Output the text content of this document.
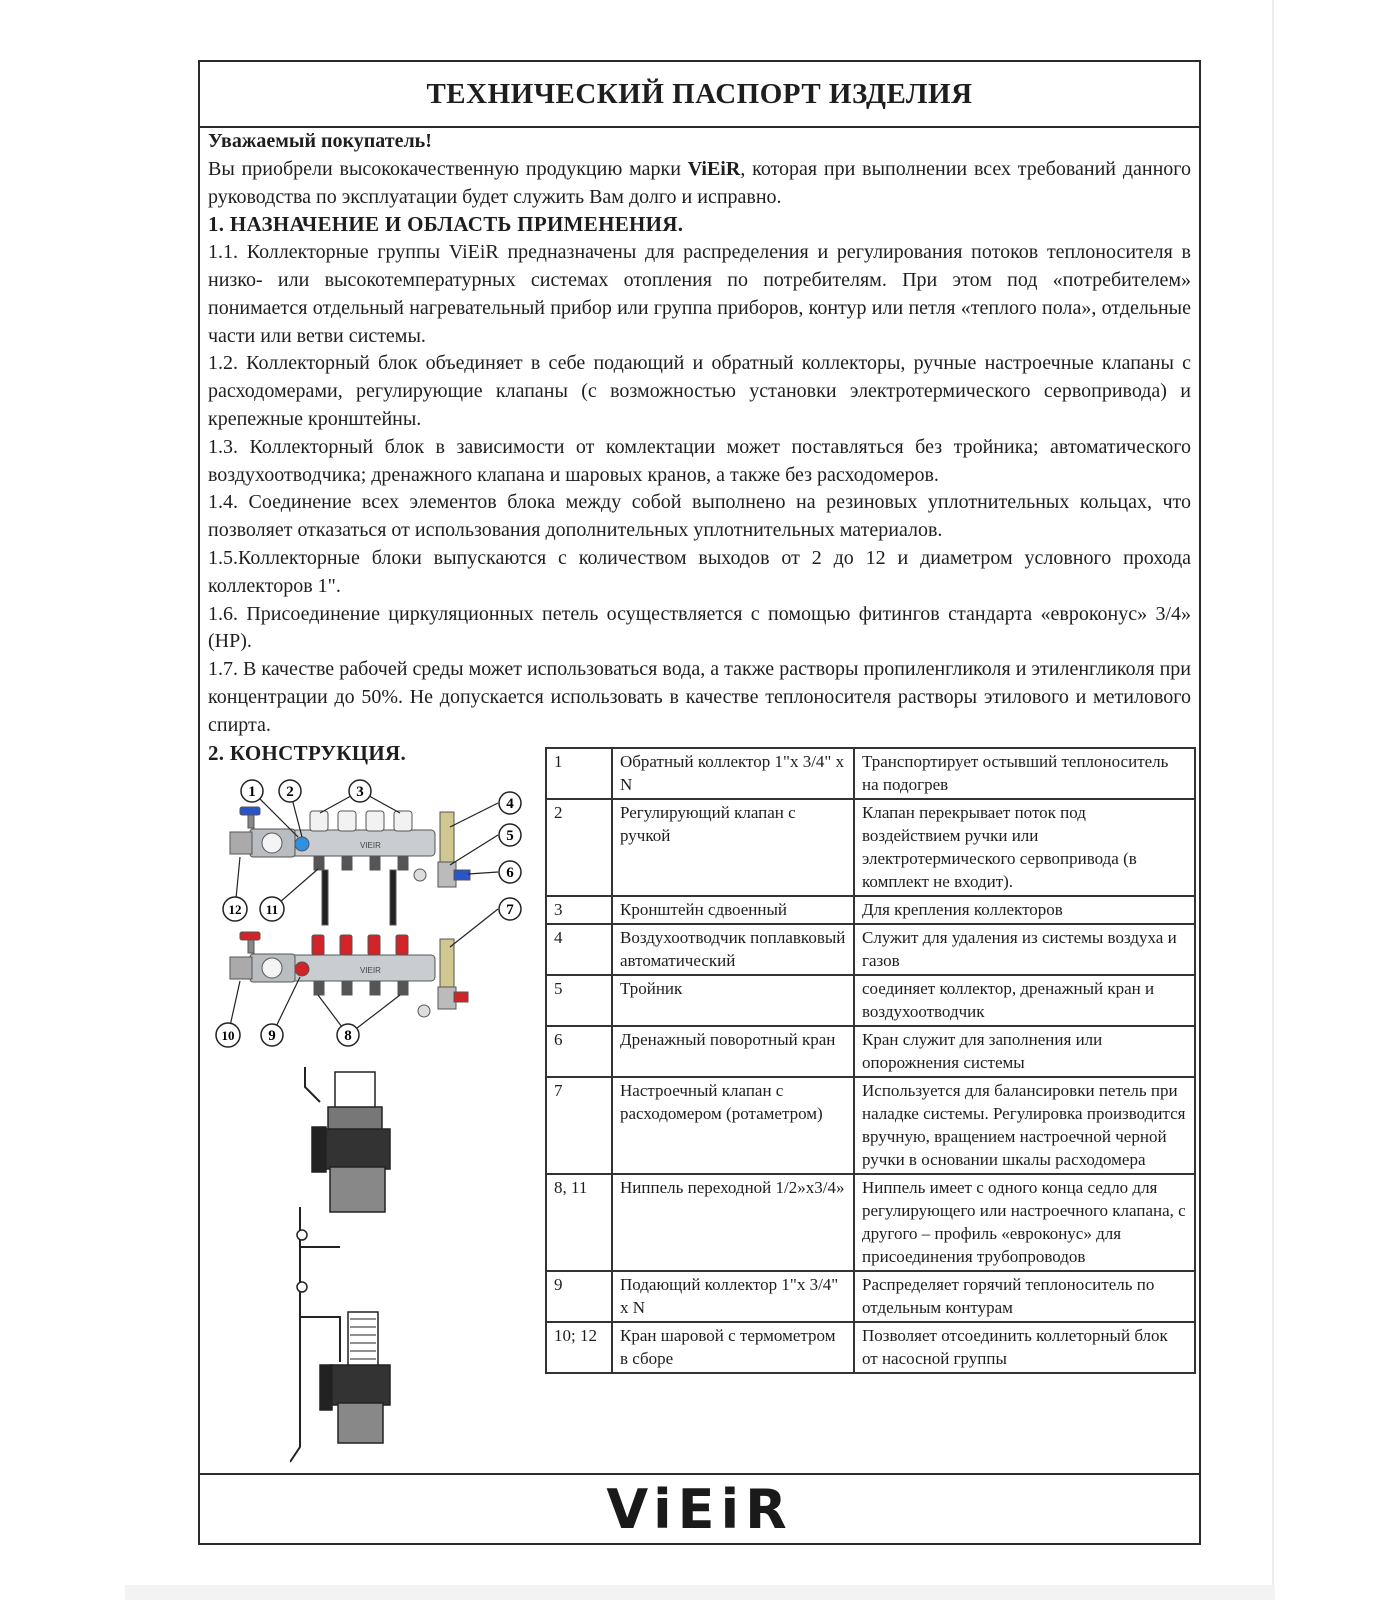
ТЕХНИЧЕСКИЙ ПАСПОРТ ИЗДЕЛИЯ

Уважаемый покупатель!

Вы приобрели высококачественную продукцию марки ViEiR, которая при выполнении всех требований данного руководства по эксплуатации будет служить Вам долго и исправно.

1. НАЗНАЧЕНИЕ И ОБЛАСТЬ ПРИМЕНЕНИЯ.

1.1. Коллекторные группы ViEiR предназначены для распределения и регулирования потоков теплоносителя в низко- или высокотемпературных системах отопления по потребителям. При этом под «потребителем» понимается отдельный нагревательный прибор или группа приборов, контур или петля «теплого пола», отдельные части или ветви системы.

1.2. Коллекторный блок объединяет в себе подающий и обратный коллекторы, ручные настроечные клапаны с расходомерами, регулирующие клапаны (с возможностью установки электротермического сервопривода) и крепежные кронштейны.

1.3. Коллекторный блок в зависимости от комлектации может поставляться без тройника; автоматического воздухоотводчика; дренажного клапана и шаровых кранов, а также без расходомеров.

1.4. Соединение всех элементов блока между собой выполнено на резиновых уплотнительных кольцах, что позволяет отказаться от использования дополнительных уплотнительных материалов.

1.5.Коллекторные блоки выпускаются с количеством выходов от 2 до 12 и диаметром условного прохода коллекторов 1".

1.6. Присоединение циркуляционных петель осуществляется с помощью фитингов стандарта «евроконус» 3/4» (НР).

1.7. В качестве рабочей среды может использоваться вода, а также растворы пропиленгликоля и этиленгликоля при концентрации до 50%. Не допускается использовать в качестве теплоносителя растворы этилового и метилового спирта.

2. КОНСТРУКЦИЯ.
VIEIR
VIEIR
1 2	3
4
5
6
7
12 11
10 9	8
1	Обратный коллектор 1"x 3/4" x N	Транспортирует остывший теплоноситель на подогрев
2	Регулирующий клапан с ручкой	Клапан перекрывает поток под воздействием ручки или электротермического сервопривода (в комплект не входит).
3	Кронштейн сдвоенный	Для крепления коллекторов
4	Воздухоотводчик поплавковый автоматический	Служит для удаления из системы воздуха и газов
5	Тройник	соединяет коллектор, дренажный кран и воздухоотводчик
6	Дренажный поворотный кран	Кран служит для заполнения или опорожнения системы
7	Настроечный клапан с расходомером (ротаметром)	Используется для балансировки петель при наладке системы. Регулировка производится вручную, вращением настроечной черной ручки в основании шкалы расходомера
8, 11	Ниппель переходной 1/2»x3/4»	Ниппель имеет с одного конца седло для регулирующего или настроечного клапана, с другого – профиль «евроконус» для присоединения трубопроводов
9	Подающий коллектор 1"x 3/4" x N	Распределяет горячий теплоноситель по отдельным контурам
10; 12	Кран шаровой с термометром в сборе	Позволяет отсоединить коллеторный блок от насосной группы
ViEiR
